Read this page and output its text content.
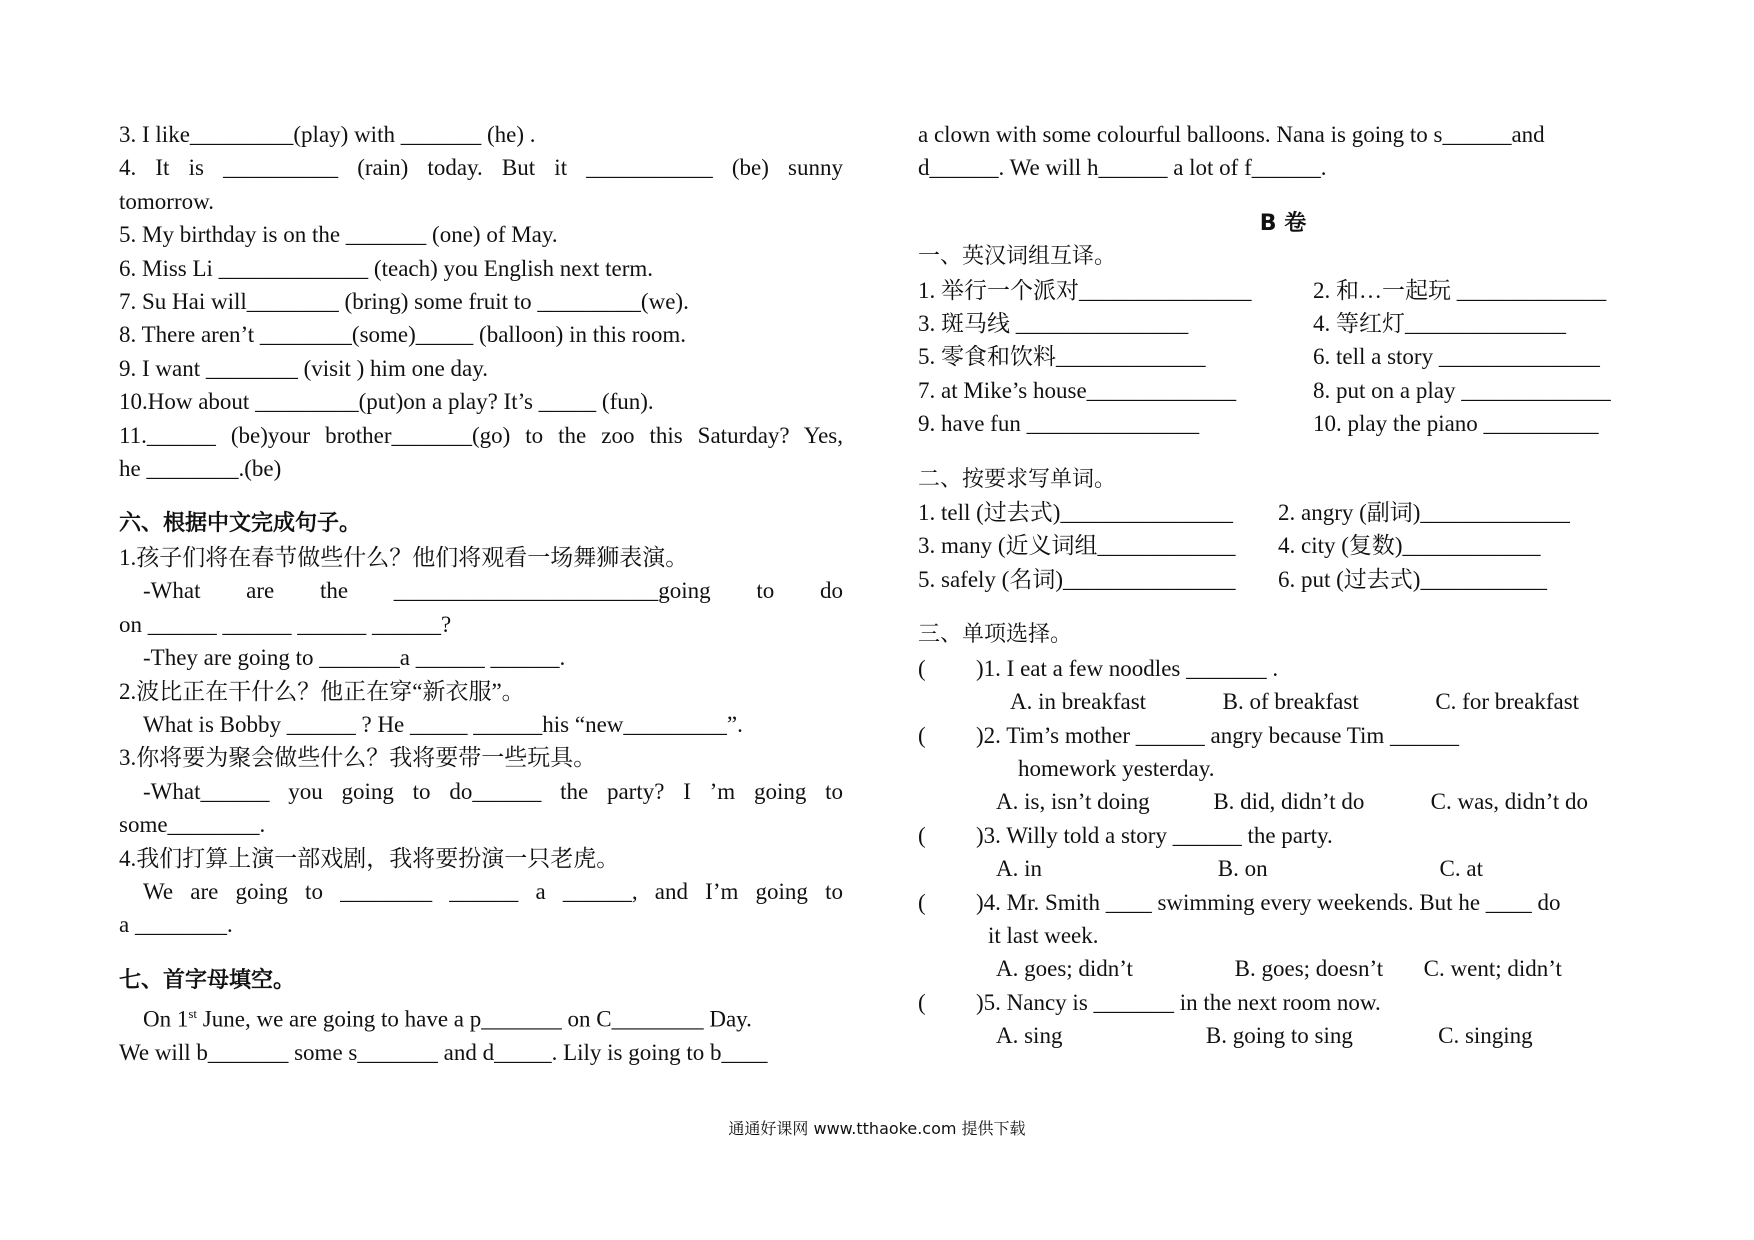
3. I like_________(play) with _______ (he) .
4. It is __________ (rain) today. But it ___________ (be) sunny
tomorrow.
5. My birthday is on the _______ (one) of May.
6. Miss Li _____________ (teach) you English next term.
7. Su Hai will________ (bring) some fruit to _________(we).
8. There aren’t ________(some)_____ (balloon) in this room.
9. I want ________ (visit ) him one day.
10.How about _________(put)on a play? It’s _____ (fun).
11.______ (be)your brother_______(go) to the zoo this Saturday? Yes,
he ________.(be)
六、根据中文完成句子。
1.孩子们将在春节做些什么？他们将观看一场舞狮表演。
-What are the _______________________going to do
on ______ ______ ______ ______?
-They are going to _______a ______ ______.
2.波比正在干什么？他正在穿“新衣服”。
What is Bobby ______ ? He _____ ______his “new_________”.
3.你将要为聚会做些什么？我将要带一些玩具。
-What______ you going to do______ the party? I ’m going to
some________.
4.我们打算上演一部戏剧，我将要扮演一只老虎。
We are going to ________ ______ a ______, and I’m going to
a ________.
七、首字母填空。
On 1st June, we are going to have a p_______ on C________ Day.
We will b_______ some s_______ and d_____. Lily is going to b____
a clown with some colourful balloons. Nana is going to s______and
d______. We will h______ a lot of f______.
B 卷
一、英汉词组互译。
1. 举行一个派对_______________	2. 和…一起玩 _____________
3. 斑马线 _______________	4. 等红灯______________
5. 零食和饮料_____________	6. tell a story ______________
7. at Mike’s house_____________	8. put on a play _____________
9. have fun _______________	10. play the piano __________
二、按要求写单词。
1. tell (过去式)_______________	2. angry (副词)_____________
3. many (近义词组____________	4. city (复数)____________
5. safely (名词)_______________	6. put (过去式)___________
三、单项选择。
(	)1. I eat a few noodles _______ .
A. in breakfast	B. of breakfast	C. for breakfast
(	)2. Tim’s mother ______ angry because Tim ______
homework yesterday.
A. is, isn’t doing	B. did, didn’t do	C. was, didn’t do
(	)3. Willy told a story ______ the party.
A. in	B. on	C. at
(	)4. Mr. Smith ____ swimming every weekends. But he ____ do
it last week.
A. goes; didn’t	B. goes; doesn’t	C. went; didn’t
(	)5. Nancy is _______ in the next room now.
A. sing	B. going to sing	C. singing
通通好课网 www.tthaoke.com 提供下载
